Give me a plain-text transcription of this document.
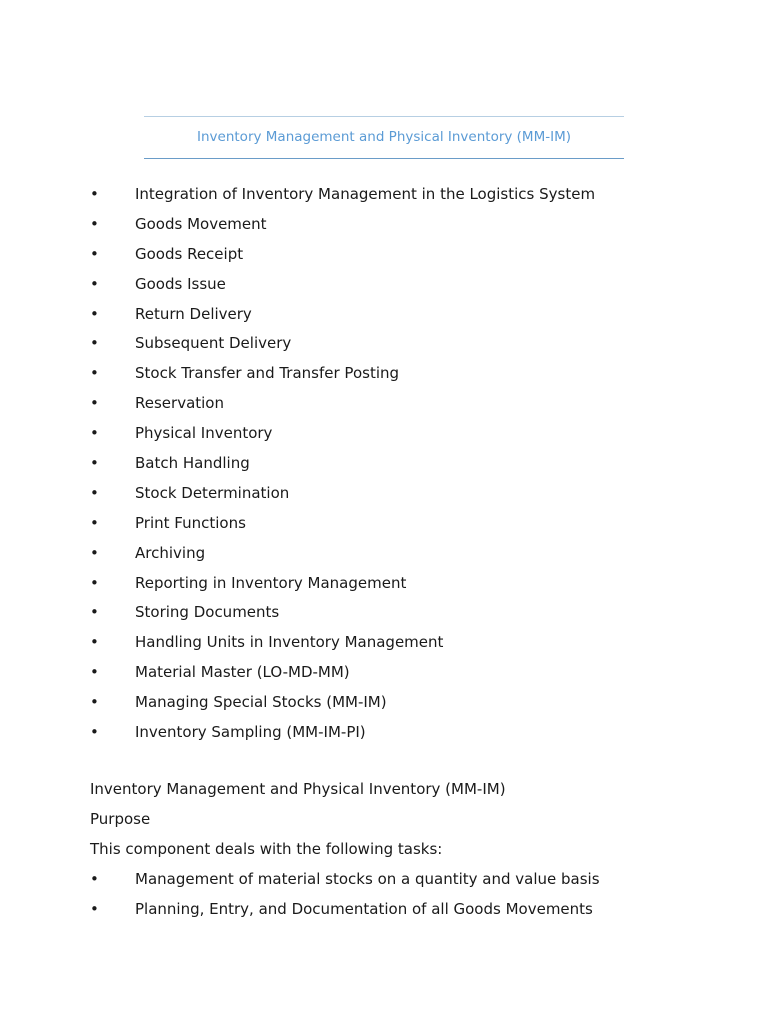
Inventory Management and Physical Inventory (MM-IM)
• Integration of Inventory Management in the Logistics System
• Goods Movement
• Goods Receipt
• Goods Issue
• Return Delivery
• Subsequent Delivery
• Stock Transfer and Transfer Posting
• Reservation
• Physical Inventory
• Batch Handling
• Stock Determination
• Print Functions
• Archiving
• Reporting in Inventory Management
• Storing Documents
• Handling Units in Inventory Management
• Material Master (LO-MD-MM)
• Managing Special Stocks (MM-IM)
• Inventory Sampling (MM-IM-PI)
Inventory Management and Physical Inventory (MM-IM)
Purpose
This component deals with the following tasks:
• Management of material stocks on a quantity and value basis
• Planning, Entry, and Documentation of all Goods Movements
